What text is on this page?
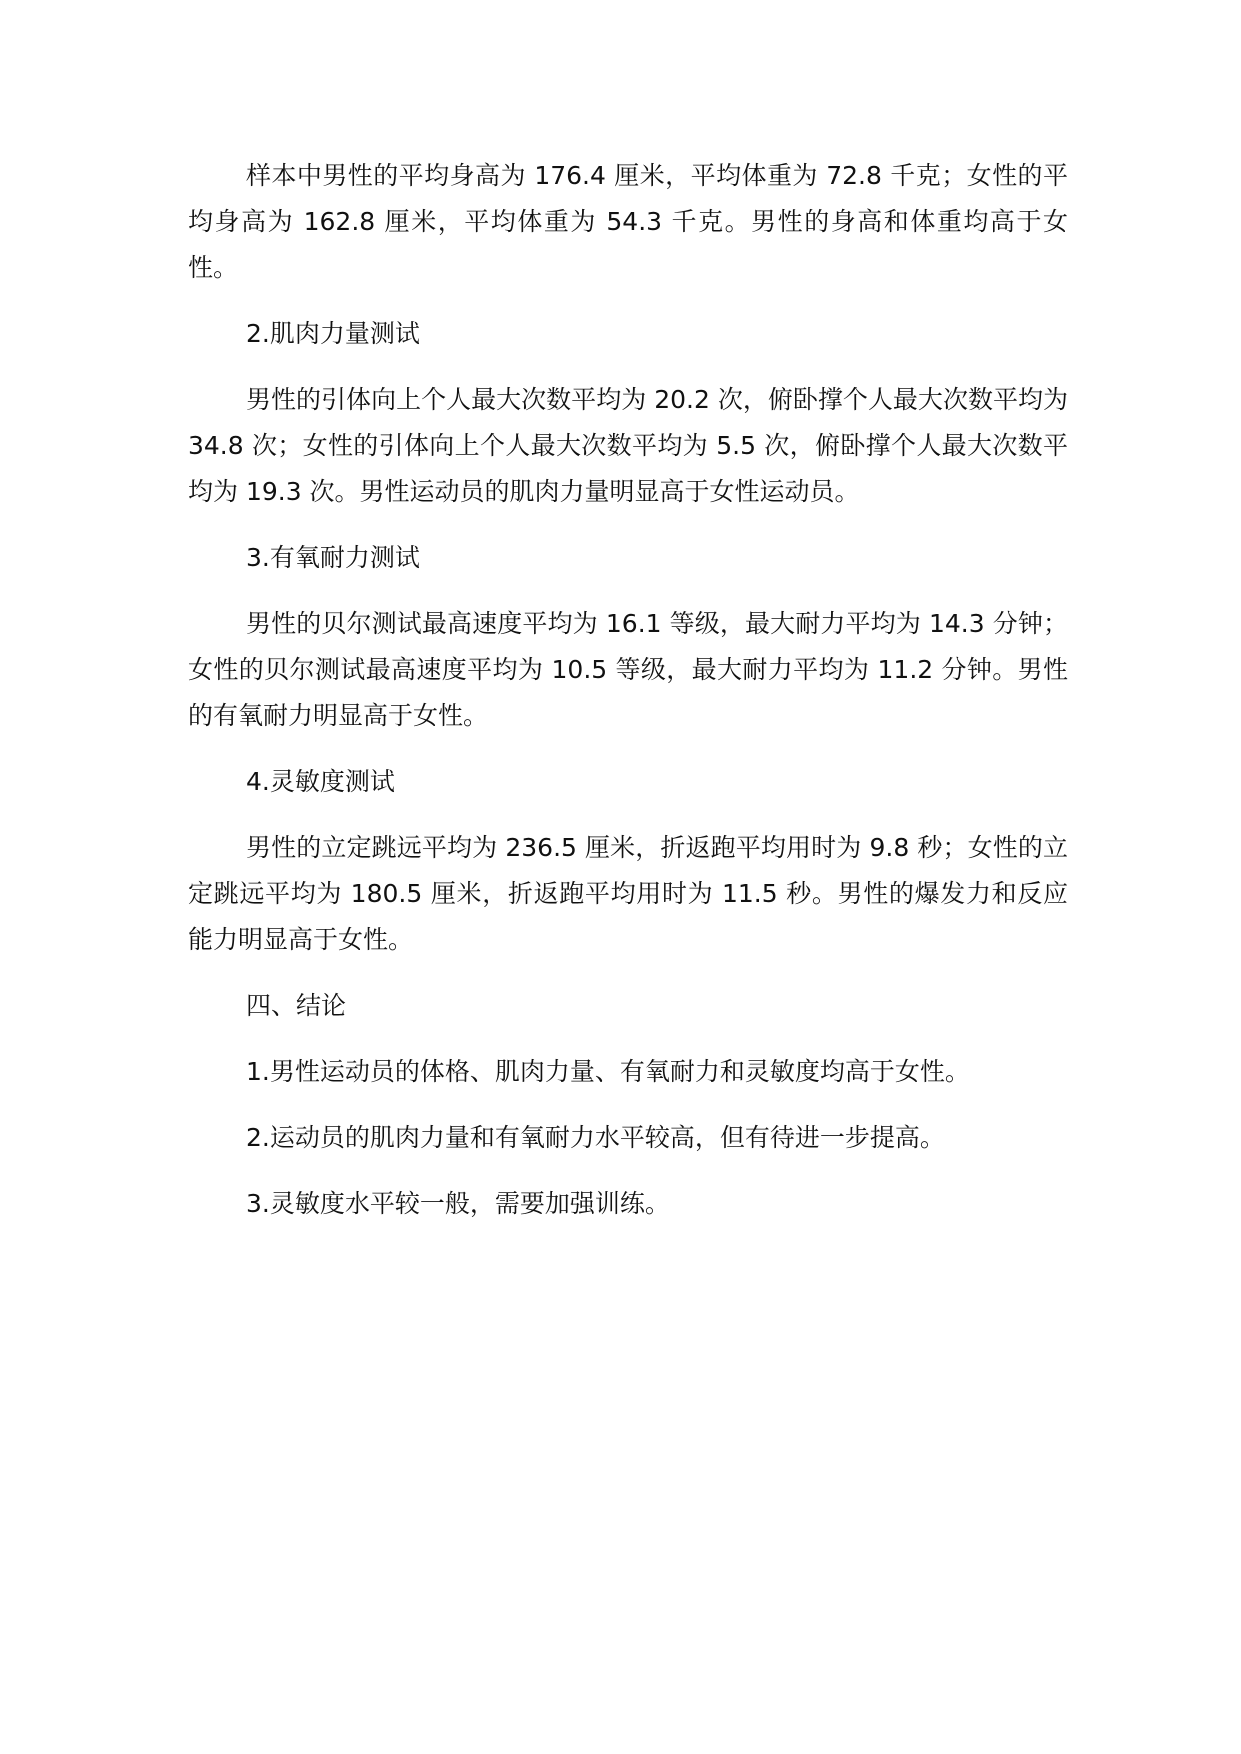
样本中男性的平均身高为 176.4 厘米，平均体重为 72.8 千克；女性的平均身高为 162.8 厘米，平均体重为 54.3 千克。男性的身高和体重均高于女性。

2.肌肉力量测试

男性的引体向上个人最大次数平均为 20.2 次，俯卧撑个人最大次数平均为 34.8 次；女性的引体向上个人最大次数平均为 5.5 次，俯卧撑个人最大次数平均为 19.3 次。男性运动员的肌肉力量明显高于女性运动员。

3.有氧耐力测试

男性的贝尔测试最高速度平均为 16.1 等级，最大耐力平均为 14.3 分钟；女性的贝尔测试最高速度平均为 10.5 等级，最大耐力平均为 11.2 分钟。男性的有氧耐力明显高于女性。

4.灵敏度测试

男性的立定跳远平均为 236.5 厘米，折返跑平均用时为 9.8 秒；女性的立定跳远平均为 180.5 厘米，折返跑平均用时为 11.5 秒。男性的爆发力和反应能力明显高于女性。

四、结论

1.男性运动员的体格、肌肉力量、有氧耐力和灵敏度均高于女性。

2.运动员的肌肉力量和有氧耐力水平较高，但有待进一步提高。

3.灵敏度水平较一般，需要加强训练。
